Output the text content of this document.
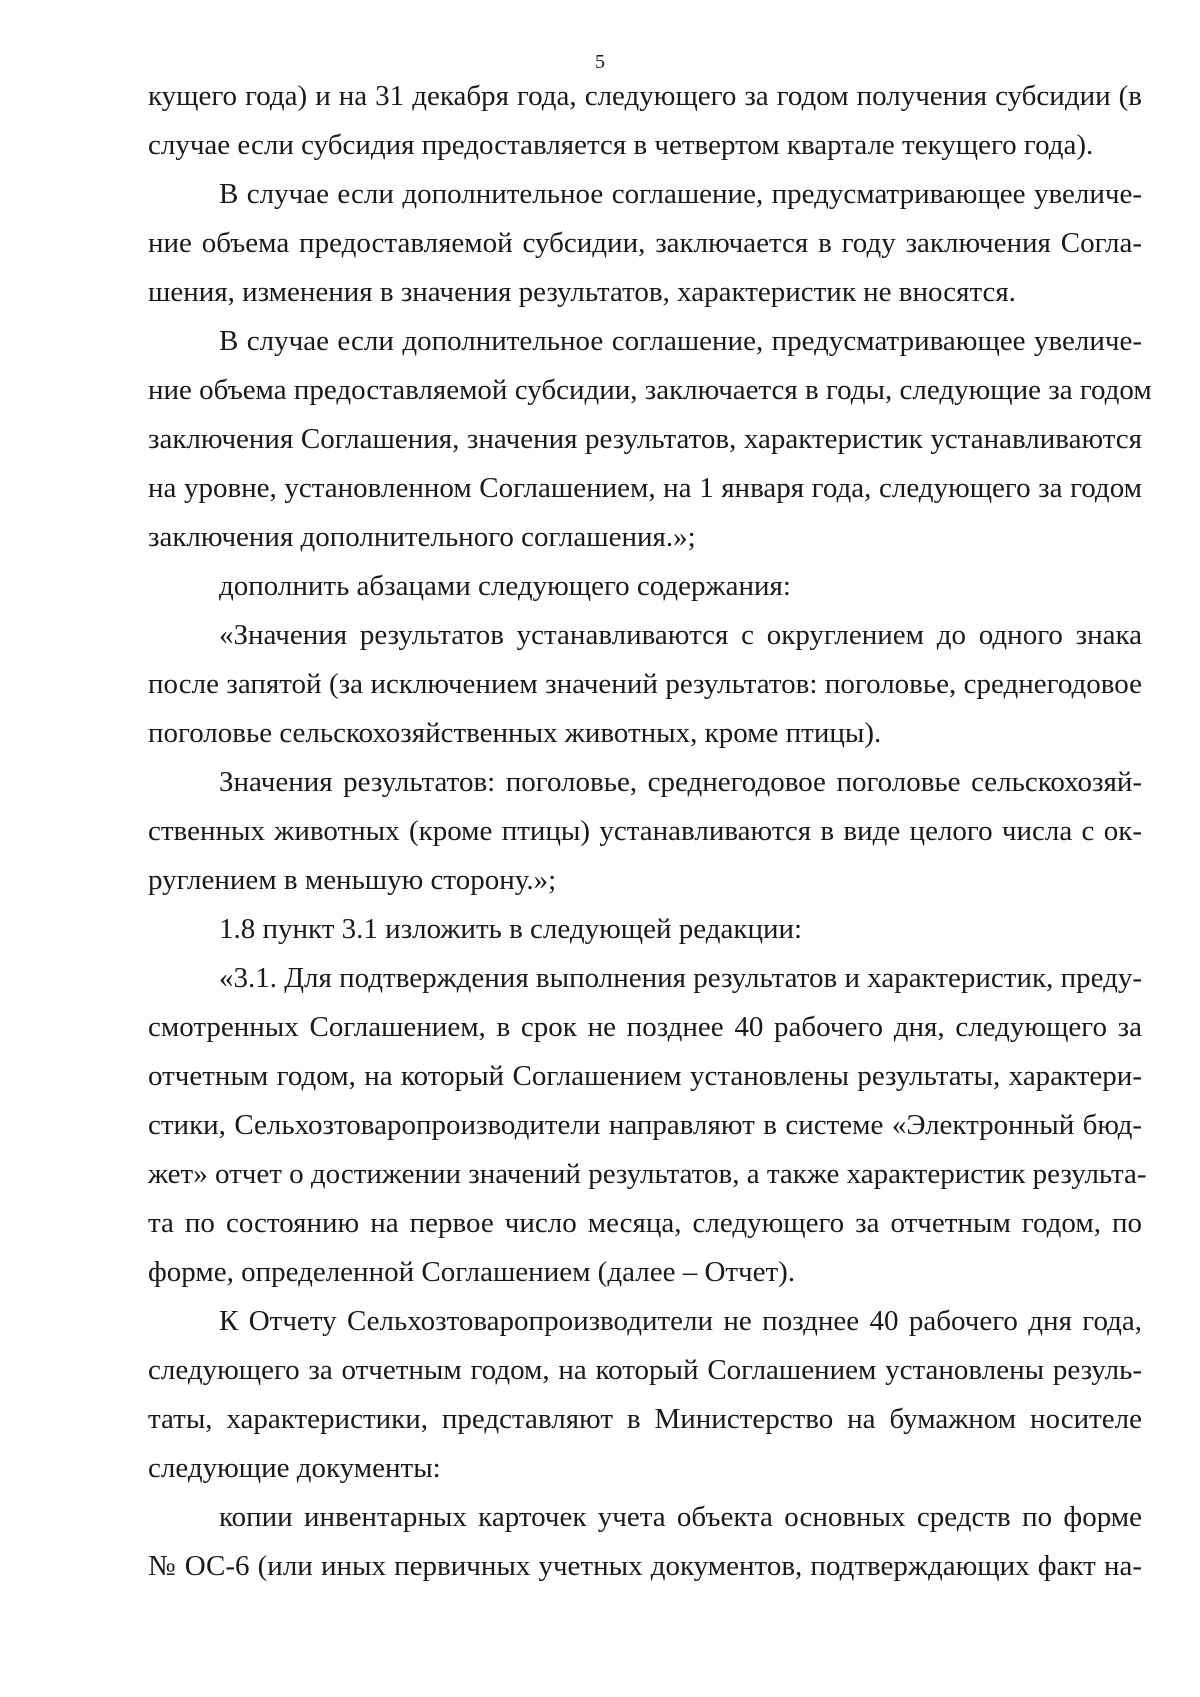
5
кущего года) и на 31 декабря года, следующего за годом получения субсидии (в
случае если субсидия предоставляется в четвертом квартале текущего года).
В случае если дополнительное соглашение, предусматривающее увеличе-
ние объема предоставляемой субсидии, заключается в году заключения Согла-
шения, изменения в значения результатов, характеристик не вносятся.
В случае если дополнительное соглашение, предусматривающее увеличе-
ние объема предоставляемой субсидии, заключается в годы, следующие за годом
заключения Соглашения, значения результатов, характеристик устанавливаются
на уровне, установленном Соглашением, на 1 января года, следующего за годом
заключения дополнительного соглашения.»;
дополнить абзацами следующего содержания:
«Значения результатов устанавливаются с округлением до одного знака
после запятой (за исключением значений результатов: поголовье, среднегодовое
поголовье сельскохозяйственных животных, кроме птицы).
Значения результатов: поголовье, среднегодовое поголовье сельскохозяй-
ственных животных (кроме птицы) устанавливаются в виде целого числа с ок-
руглением в меньшую сторону.»;
1.8 пункт 3.1 изложить в следующей редакции:
«3.1. Для подтверждения выполнения результатов и характеристик, преду-
смотренных Соглашением, в срок не позднее 40 рабочего дня, следующего за
отчетным годом, на который Соглашением установлены результаты, характери-
стики, Сельхозтоваропроизводители направляют в системе «Электронный бюд-
жет» отчет о достижении значений результатов, а также характеристик результа-
та по состоянию на первое число месяца, следующего за отчетным годом, по
форме, определенной Соглашением (далее – Отчет).
К Отчету Сельхозтоваропроизводители не позднее 40 рабочего дня года,
следующего за отчетным годом, на который Соглашением установлены резуль-
таты, характеристики, представляют в Министерство на бумажном носителе
следующие документы:
копии инвентарных карточек учета объекта основных средств по форме
№ ОС-6 (или иных первичных учетных документов, подтверждающих факт на-
